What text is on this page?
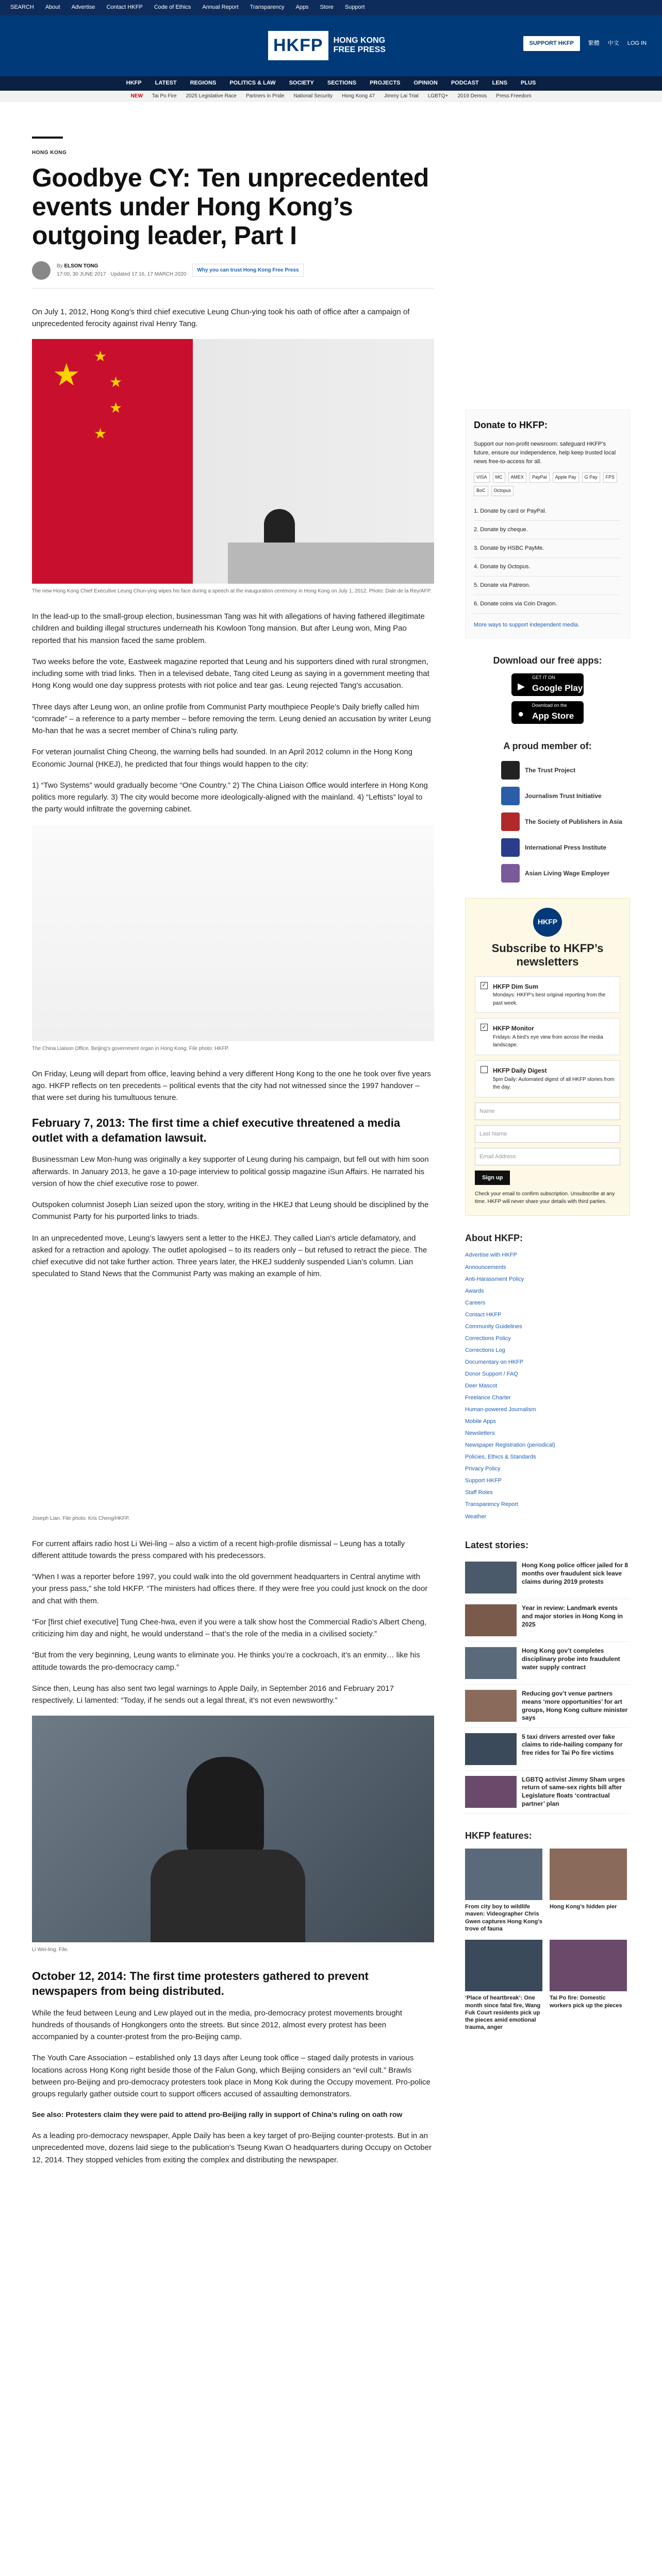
SEARCH About Advertise Contact HKFP Code of Ethics Annual Report Transparency Apps Store Support
HKFP	HONG KONG
FREE PRESS
SUPPORT HKFP	繁體 中文 LOG IN
HKFP LATEST REGIONS POLITICS & LAW SOCIETY SECTIONS PROJECTS OPINION PODCAST LENS PLUS
NEW Tai Po Fire 2025 Legislative Race Partners in Pride National Security Hong Kong 47 Jimmy Lai Trial LGBTQ+ 2019 Demos Press Freedom
HONG KONG
Goodbye CY: Ten unprecedented events under Hong Kong’s outgoing leader, Part I
By ELSON TONG
17:00, 30 JUNE 2017 · Updated 17:16, 17 MARCH 2020
Why you can trust Hong Kong Free Press

On July 1, 2012, Hong Kong’s third chief executive Leung Chun-ying took his oath of office after a campaign of unprecedented ferocity against rival Henry Tang.

★
★
★
★
★
The new Hong Kong Chief Executive Leung Chun-ying wipes his face during a speech at the inauguration ceremony in Hong Kong on July 1, 2012. Photo: Dale de la Rey/AFP.

In the lead-up to the small-group election, businessman Tang was hit with allegations of having fathered illegitimate children and building illegal structures underneath his Kowloon Tong mansion. But after Leung won, Ming Pao reported that his mansion faced the same problem.

Two weeks before the vote, Eastweek magazine reported that Leung and his supporters dined with rural strongmen, including some with triad links. Then in a televised debate, Tang cited Leung as saying in a government meeting that Hong Kong would one day suppress protests with riot police and tear gas. Leung rejected Tang’s accusation.

Three days after Leung won, an online profile from Communist Party mouthpiece People’s Daily briefly called him “comrade” – a reference to a party member – before removing the term. Leung denied an accusation by writer Leung Mo-han that he was a secret member of China’s ruling party.

For veteran journalist Ching Cheong, the warning bells had sounded. In an April 2012 column in the Hong Kong Economic Journal (HKEJ), he predicted that four things would happen to the city:

1) “Two Systems” would gradually become “One Country.” 2) The China Liaison Office would interfere in Hong Kong politics more regularly. 3) The city would become more ideologically-aligned with the mainland. 4) “Leftists” loyal to the party would infiltrate the governing cabinet.

The China Liaison Office, Beijing’s government organ in Hong Kong. File photo: HKFP.

On Friday, Leung will depart from office, leaving behind a very different Hong Kong to the one he took over five years ago. HKFP reflects on ten precedents – political events that the city had not witnessed since the 1997 handover – that were set during his tumultuous tenure.

February 7, 2013: The first time a chief executive threatened a media outlet with a defamation lawsuit.

Businessman Lew Mon-hung was originally a key supporter of Leung during his campaign, but fell out with him soon afterwards. In January 2013, he gave a 10-page interview to political gossip magazine iSun Affairs. He narrated his version of how the chief executive rose to power.

Outspoken columnist Joseph Lian seized upon the story, writing in the HKEJ that Leung should be disciplined by the Communist Party for his purported links to triads.

In an unprecedented move, Leung’s lawyers sent a letter to the HKEJ. They called Lian’s article defamatory, and asked for a retraction and apology. The outlet apologised – to its readers only – but refused to retract the piece. The chief executive did not take further action. Three years later, the HKEJ suddenly suspended Lian’s column. Lian speculated to Stand News that the Communist Party was making an example of him.

Joseph Lian. File photo: Kris Cheng/HKFP.

For current affairs radio host Li Wei-ling – also a victim of a recent high-profile dismissal – Leung has a totally different attitude towards the press compared with his predecessors.

“When I was a reporter before 1997, you could walk into the old government headquarters in Central anytime with your press pass,” she told HKFP. “The ministers had offices there. If they were free you could just knock on the door and chat with them.

“For [first chief executive] Tung Chee-hwa, even if you were a talk show host the Commercial Radio’s Albert Cheng, criticizing him day and night, he would understand – that’s the role of the media in a civilised society.”

“But from the very beginning, Leung wants to eliminate you. He thinks you’re a cockroach, it’s an enmity… like his attitude towards the pro-democracy camp.”

Since then, Leung has also sent two legal warnings to Apple Daily, in September 2016 and February 2017 respectively. Li lamented: “Today, if he sends out a legal threat, it’s not even newsworthy.”

Li Wei-ling. File.
October 12, 2014: The first time protesters gathered to prevent newspapers from being distributed.

While the feud between Leung and Lew played out in the media, pro-democracy protest movements brought hundreds of thousands of Hongkongers onto the streets. But since 2012, almost every protest has been accompanied by a counter-protest from the pro-Beijing camp.

The Youth Care Association – established only 13 days after Leung took office – staged daily protests in various locations across Hong Kong right beside those of the Falun Gong, which Beijing considers an “evil cult.” Brawls between pro-Beijing and pro-democracy protesters took place in Mong Kok during the Occupy movement. Pro-police groups regularly gather outside court to support officers accused of assaulting demonstrators.

See also: Protesters claim they were paid to attend pro-Beijing rally in support of China’s ruling on oath row

As a leading pro-democracy newspaper, Apple Daily has been a key target of pro-Beijing counter-protests. But in an unprecedented move, dozens laid siege to the publication’s Tseung Kwan O headquarters during Occupy on October 12, 2014. They stopped vehicles from exiting the complex and distributing the newspaper.

Donate to HKFP:
Support our non-profit newsroom: safeguard HKFP’s future, ensure our independence, help keep trusted local news free-to-access for all.
VISA	MC	AMEX	PayPal	Apple Pay	G Pay	FPS
BoC	Octopus
1. Donate by card or PayPal.
2. Donate by cheque.
3. Donate by HSBC PayMe.
4. Donate by Octopus.
5. Donate via Patreon.
6. Donate coins via Coin Dragon.
More ways to support independent media.
Download our free apps:
▶
GET IT ON
Google Play
●
Download on the
App Store
A proud member of:
The Trust Project
Journalism Trust Initiative
The Society of Publishers in Asia
International Press Institute
Asian Living Wage Employer
HKFP
Subscribe to HKFP’s newsletters
✓ HKFP Dim Sum
Mondays: HKFP’s best original reporting from the past week.
✓ HKFP Monitor
Fridays: A bird’s eye view from across the media landscape.
HKFP Daily Digest
5pm Daily: Automated digest of all HKFP stories from the day.
Name
Last Name
Email Address
Sign up
Check your email to confirm subscription. Unsubscribe at any time. HKFP will never share your details with third parties.
About HKFP:
Advertise with HKFP
Announcements
Anti-Harassment Policy
Awards
Careers
Contact HKFP
Community Guidelines
Corrections Policy
Corrections Log
Documentary on HKFP
Donor Support / FAQ
Deer Mascot
Freelance Charter
Human-powered Journalism
Mobile Apps
Newsletters
Newspaper Registration (periodical)
Policies, Ethics & Standards
Privacy Policy
Support HKFP
Staff Roles
Transparency Report
Weather
Latest stories:
Hong Kong police officer jailed for 8 months over fraudulent sick leave claims during 2019 protests
Year in review: Landmark events and major stories in Hong Kong in 2025
Hong Kong gov’t completes disciplinary probe into fraudulent water supply contract
Reducing gov’t venue partners means ‘more opportunities’ for art groups, Hong Kong culture minister says
5 taxi drivers arrested over fake claims to ride-hailing company for free rides for Tai Po fire victims
LGBTQ activist Jimmy Sham urges return of same-sex rights bill after Legislature floats ‘contractual partner’ plan
HKFP features:
From city boy to wildlife maven: Videographer Chris Gwen captures Hong Kong’s trove of fauna
Hong Kong’s hidden pier
‘Place of heartbreak’: One month since fatal fire, Wang Fuk Court residents pick up the pieces amid emotional trauma, anger
Tai Po fire: Domestic workers pick up the pieces
